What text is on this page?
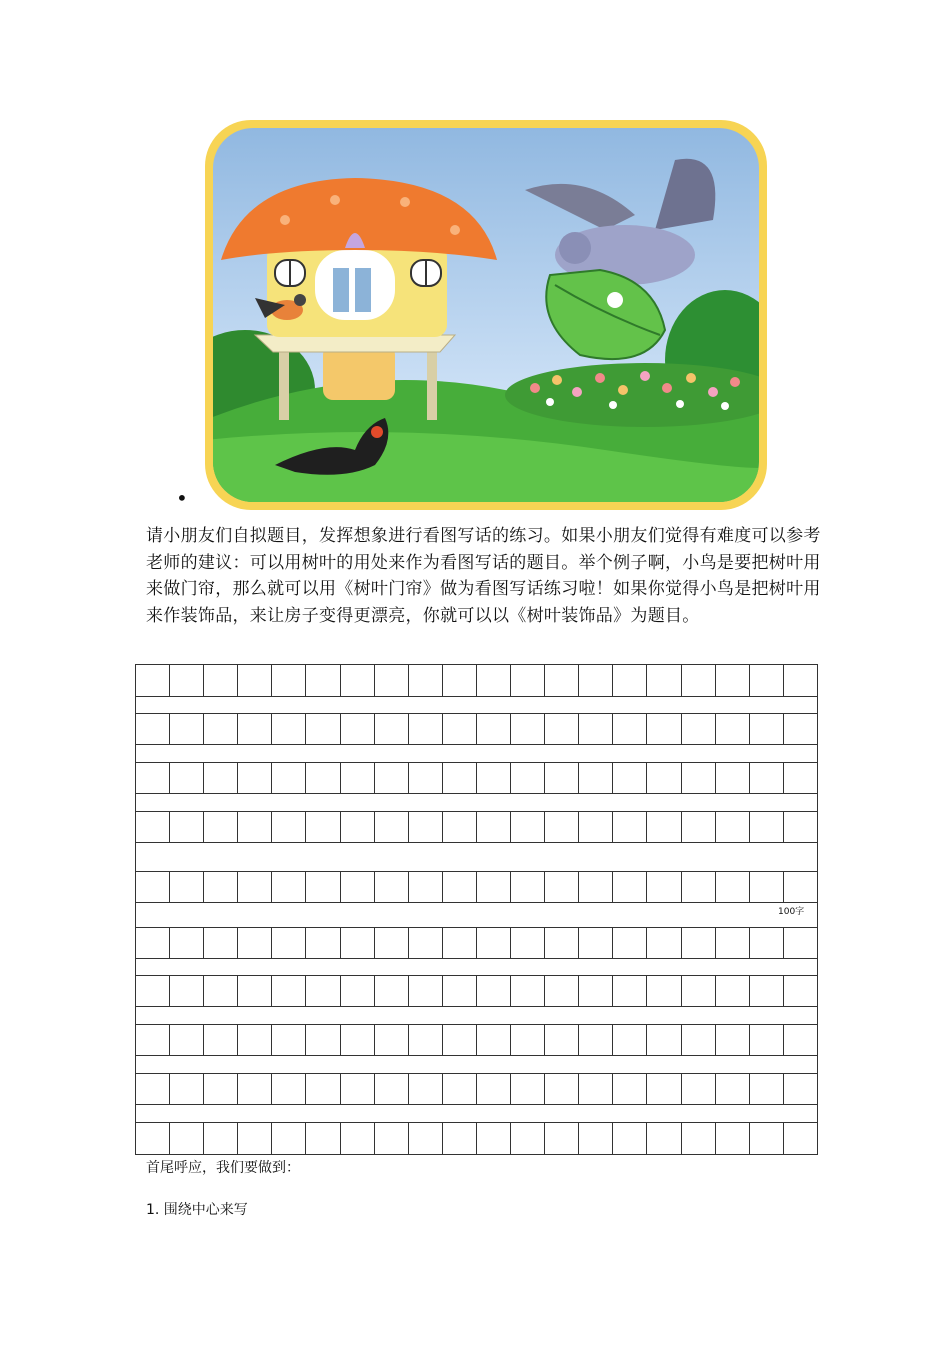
•

请小朋友们自拟题目，发挥想象进行看图写话的练习。如果小朋友们觉得有难度可以参考老师的建议：可以用树叶的用处来作为看图写话的题目。举个例子啊，小鸟是要把树叶用来做门帘，那么就可以用《树叶门帘》做为看图写话练习啦！如果你觉得小鸟是把树叶用来作装饰品，来让房子变得更漂亮，你就可以以《树叶装饰品》为题目。

100字
首尾呼应，我们要做到：
1. 围绕中心来写
